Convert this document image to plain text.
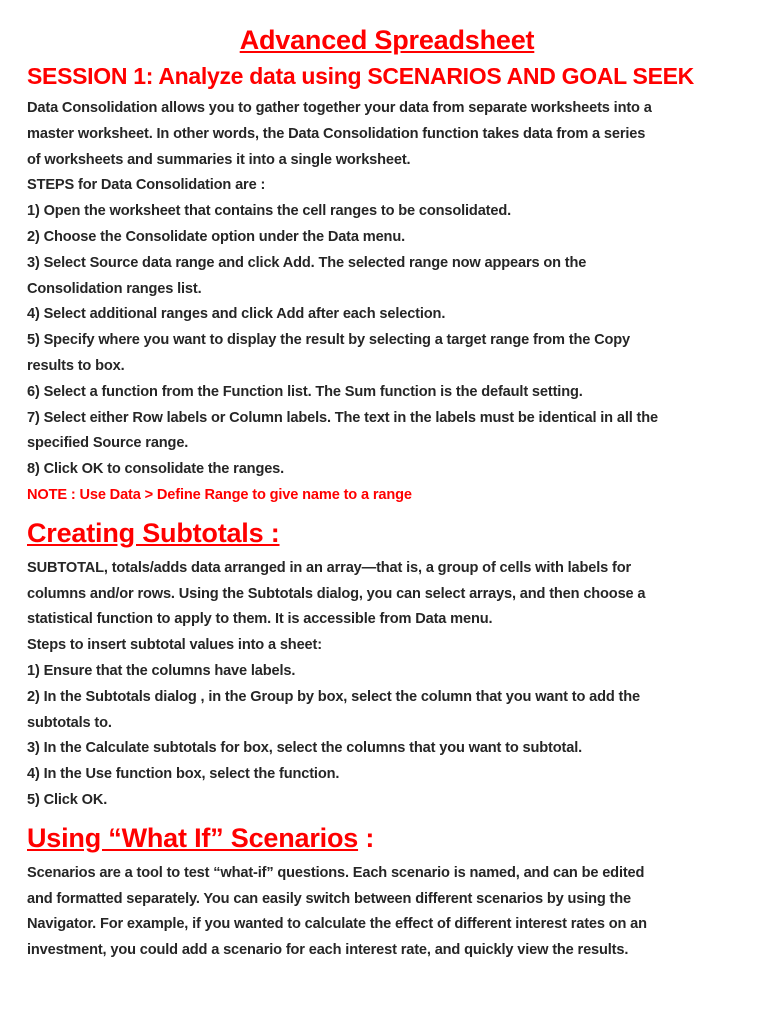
Advanced Spreadsheet
SESSION 1: Analyze data using SCENARIOS AND GOAL SEEK
Data Consolidation allows you to gather together your data from separate worksheets into a
master worksheet. In other words, the Data Consolidation function takes data from a series
of worksheets and summaries it into a single worksheet.
STEPS for Data Consolidation are :
1) Open the worksheet that contains the cell ranges to be consolidated.
2) Choose the Consolidate option under the Data menu.
3) Select Source data range and click Add. The selected range now appears on the
Consolidation ranges list.
4) Select additional ranges and click Add after each selection.
5) Specify where you want to display the result by selecting a target range from the Copy
results to box.
6) Select a function from the Function list. The Sum function is the default setting.
7) Select either Row labels or Column labels. The text in the labels must be identical in all the
specified Source range.
8) Click OK to consolidate the ranges.
NOTE : Use Data > Define Range to give name to a range
Creating Subtotals :
SUBTOTAL, totals/adds data arranged in an array—that is, a group of cells with labels for
columns and/or rows. Using the Subtotals dialog, you can select arrays, and then choose a
statistical function to apply to them. It is accessible from Data menu.
Steps to insert subtotal values into a sheet:
1) Ensure that the columns have labels.
2) In the Subtotals dialog , in the Group by box, select the column that you want to add the
subtotals to.
3) In the Calculate subtotals for box, select the columns that you want to subtotal.
4) In the Use function box, select the function.
5) Click OK.
Using “What If” Scenarios :
Scenarios are a tool to test “what-if” questions. Each scenario is named, and can be edited
and formatted separately. You can easily switch between different scenarios by using the
Navigator. For example, if you wanted to calculate the effect of different interest rates on an
investment, you could add a scenario for each interest rate, and quickly view the results.
